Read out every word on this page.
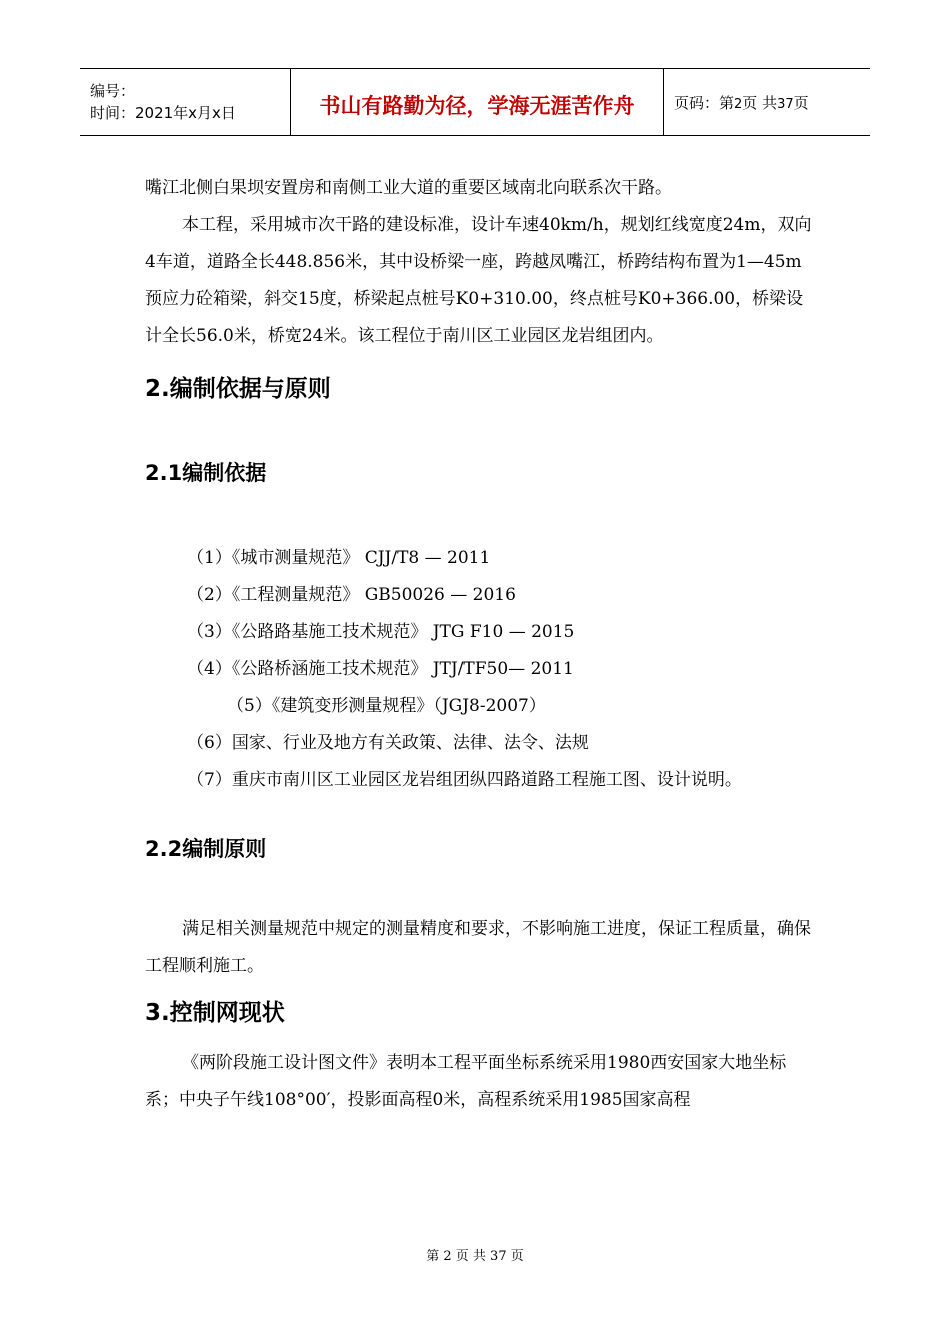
编号：
时间：2021年x月x日	书山有路勤为径，学海无涯苦作舟	页码：第2页 共37页

嘴江北侧白果坝安置房和南侧工业大道的重要区域南北向联系次干路。

本工程，采用城市次干路的建设标准，设计车速40km/h，规划红线宽度24m，双向4车道，道路全长448.856米，其中设桥梁一座，跨越凤嘴江，桥跨结构布置为1—45m预应力砼箱梁，斜交15度，桥梁起点桩号K0+310.00，终点桩号K0+366.00，桥梁设计全长56.0米，桥宽24米。该工程位于南川区工业园区龙岩组团内。

2.编制依据与原则
2.1编制依据

（1）《城市测量规范》 CJJ/T8 — 2011

（2）《工程测量规范》 GB50026 — 2016

（3）《公路路基施工技术规范》 JTG F10 — 2015

（4）《公路桥涵施工技术规范》 JTJ/TF50— 2011

（5）《建筑变形测量规程》（JGJ8-2007）

（6）国家、行业及地方有关政策、法律、法令、法规

（7）重庆市南川区工业园区龙岩组团纵四路道路工程施工图、设计说明。

2.2编制原则

满足相关测量规范中规定的测量精度和要求，不影响施工进度，保证工程质量，确保工程顺利施工。

3.控制网现状

《两阶段施工设计图文件》表明本工程平面坐标系统采用1980西安国家大地坐标系；中央子午线108°00′，投影面高程0米，高程系统采用1985国家高程

第 2 页 共 37 页
